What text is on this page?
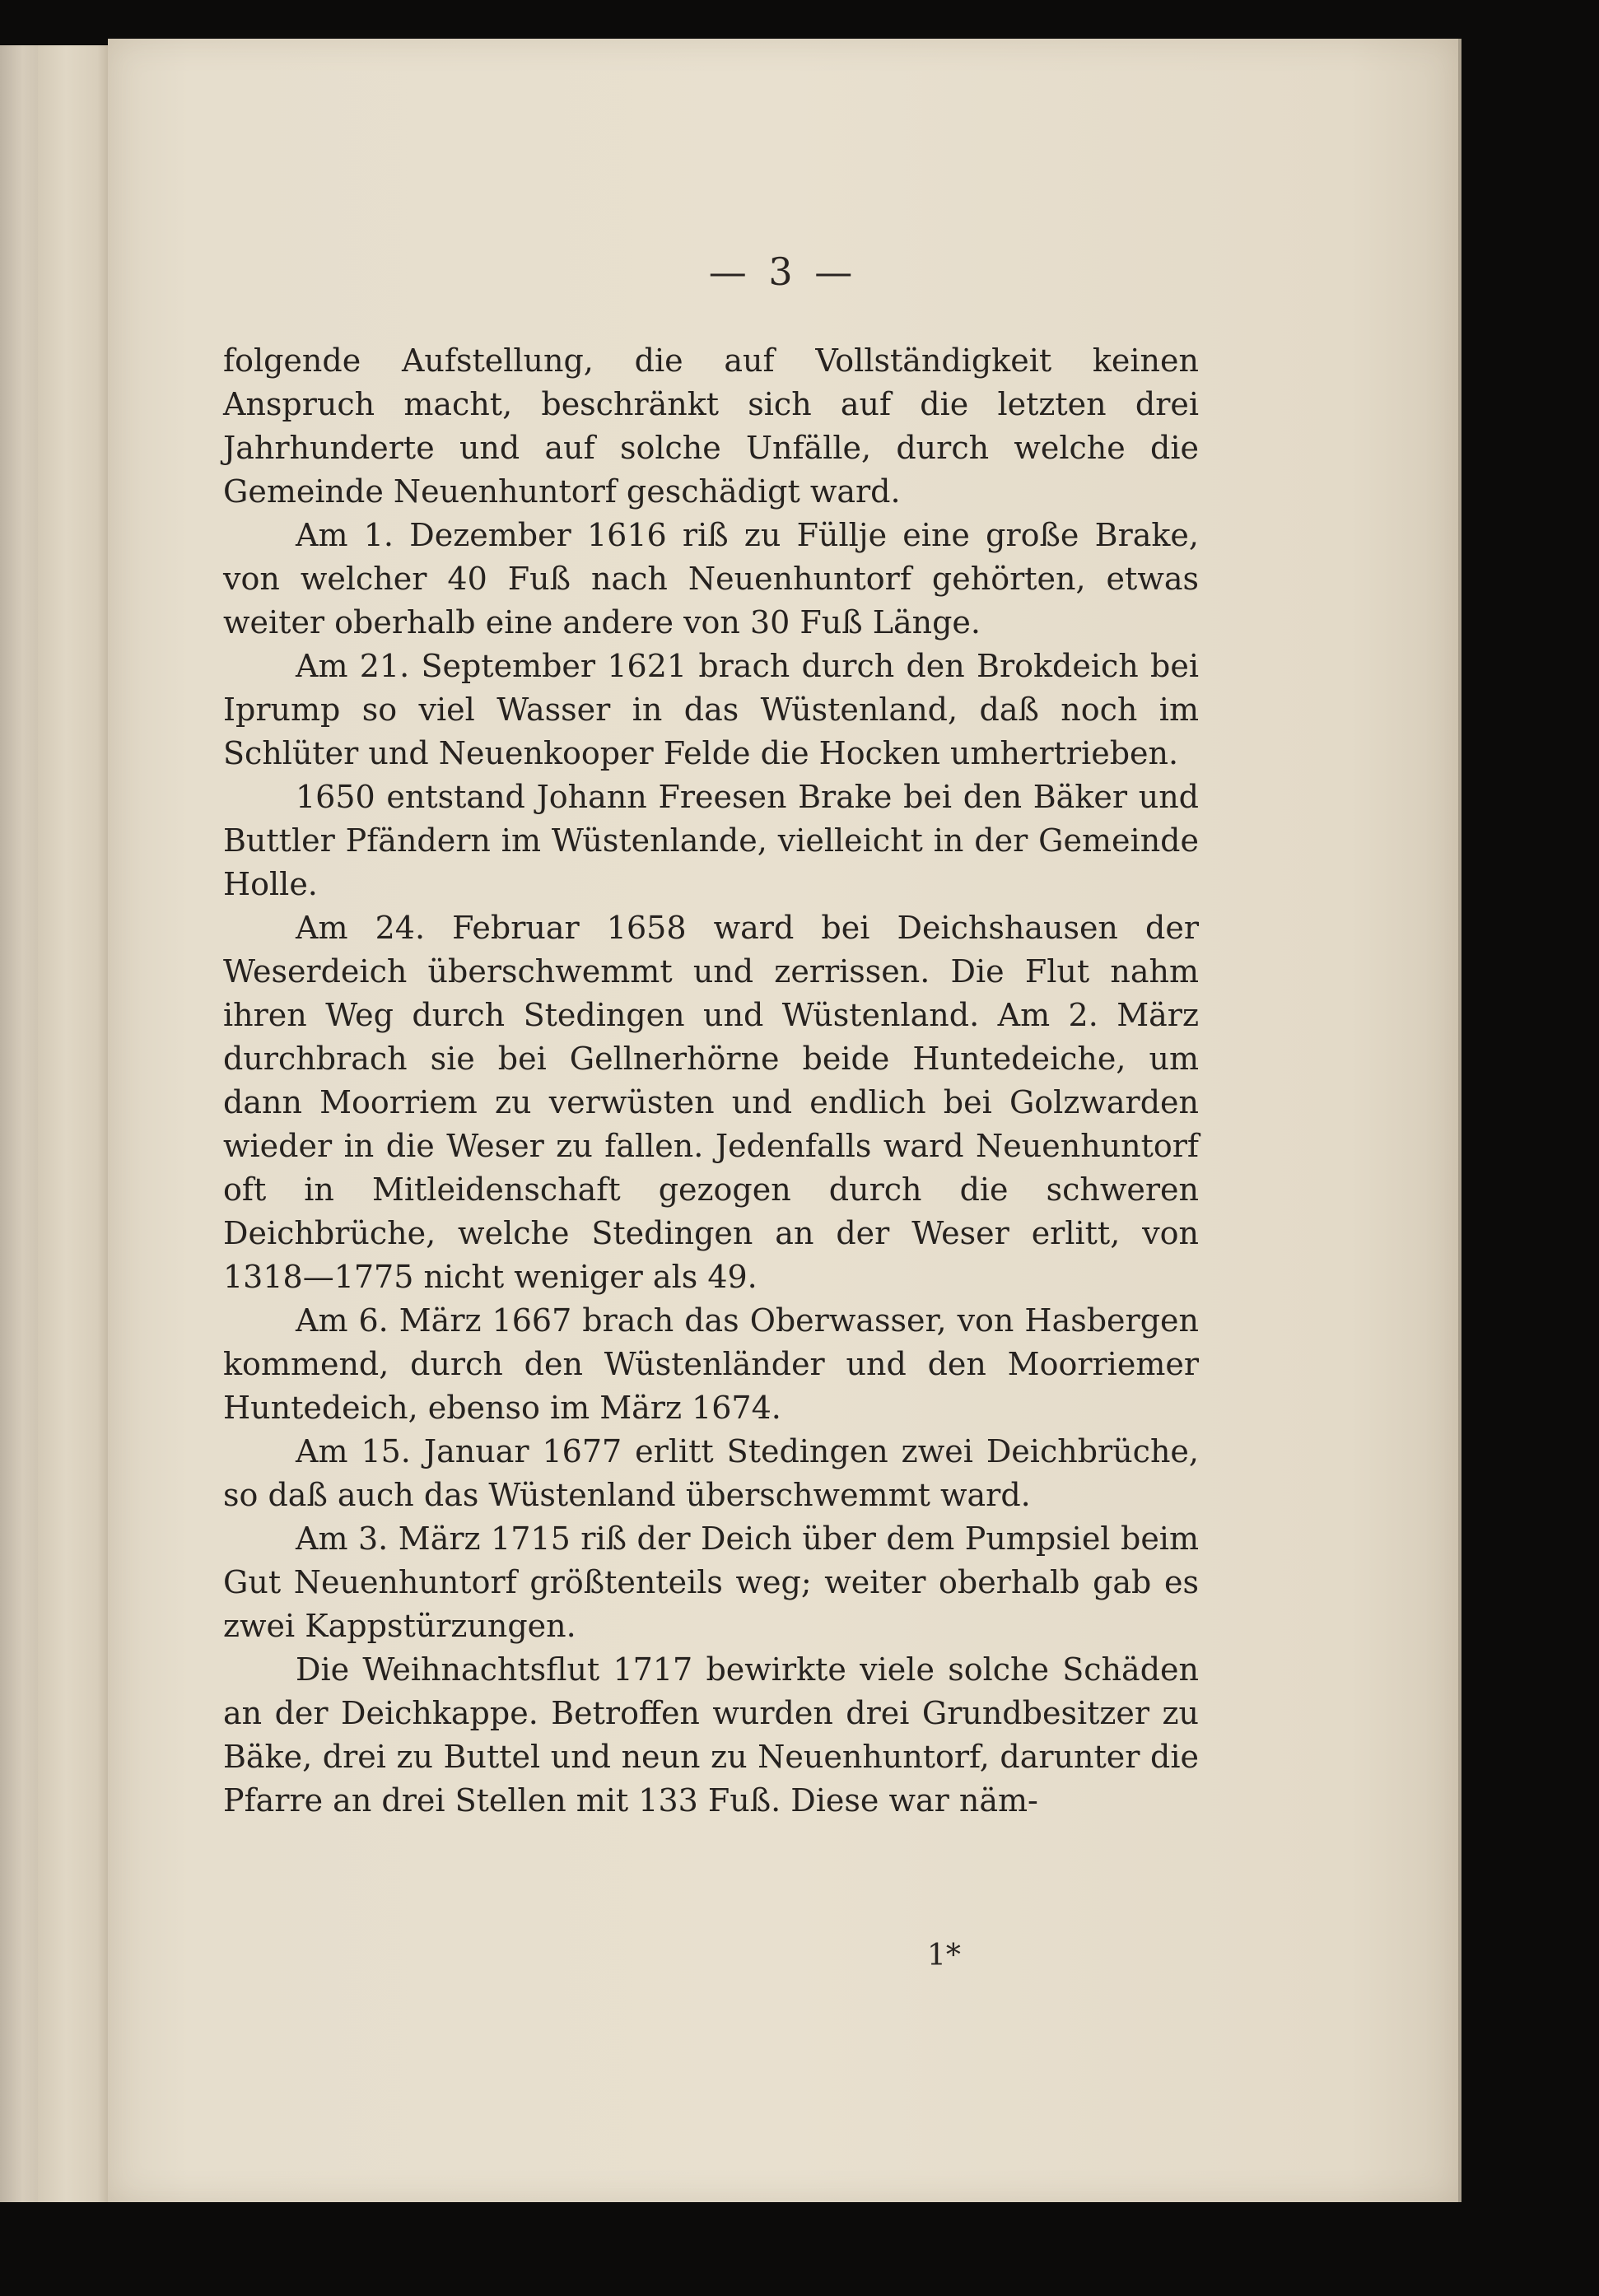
— 3 —

folgende Aufstellung, die auf Vollständigkeit keinen Anspruch macht, beschränkt sich auf die letzten drei Jahrhunderte und auf solche Unfälle, durch welche die Gemeinde Neuenhuntorf geschädigt ward.

Am 1. Dezember 1616 riß zu Füllje eine große Brake, von welcher 40 Fuß nach Neuenhuntorf gehörten, etwas weiter oberhalb eine andere von 30 Fuß Länge.

Am 21. September 1621 brach durch den Brokdeich bei Iprump so viel Wasser in das Wüstenland, daß noch im Schlüter und Neuenkooper Felde die Hocken umhertrieben.

1650 entstand Johann Freesen Brake bei den Bäker und Buttler Pfändern im Wüstenlande, vielleicht in der Gemeinde Holle.

Am 24. Februar 1658 ward bei Deichshausen der Weserdeich überschwemmt und zerrissen. Die Flut nahm ihren Weg durch Stedingen und Wüstenland. Am 2. März durchbrach sie bei Gellnerhörne beide Huntedeiche, um dann Moorriem zu verwüsten und endlich bei Golzwarden wieder in die Weser zu fallen. Jedenfalls ward Neuenhuntorf oft in Mitleidenschaft gezogen durch die schweren Deichbrüche, welche Stedingen an der Weser erlitt, von 1318—1775 nicht weniger als 49.

Am 6. März 1667 brach das Oberwasser, von Hasbergen kommend, durch den Wüstenländer und den Moorriemer Huntedeich, ebenso im März 1674.

Am 15. Januar 1677 erlitt Stedingen zwei Deichbrüche, so daß auch das Wüstenland überschwemmt ward.

Am 3. März 1715 riß der Deich über dem Pumpsiel beim Gut Neuenhuntorf größtenteils weg; weiter oberhalb gab es zwei Kappstürzungen.

Die Weihnachtsflut 1717 bewirkte viele solche Schäden an der Deichkappe. Betroffen wurden drei Grundbesitzer zu Bäke, drei zu Buttel und neun zu Neuenhuntorf, darunter die Pfarre an drei Stellen mit 133 Fuß. Diese war näm-

1*
